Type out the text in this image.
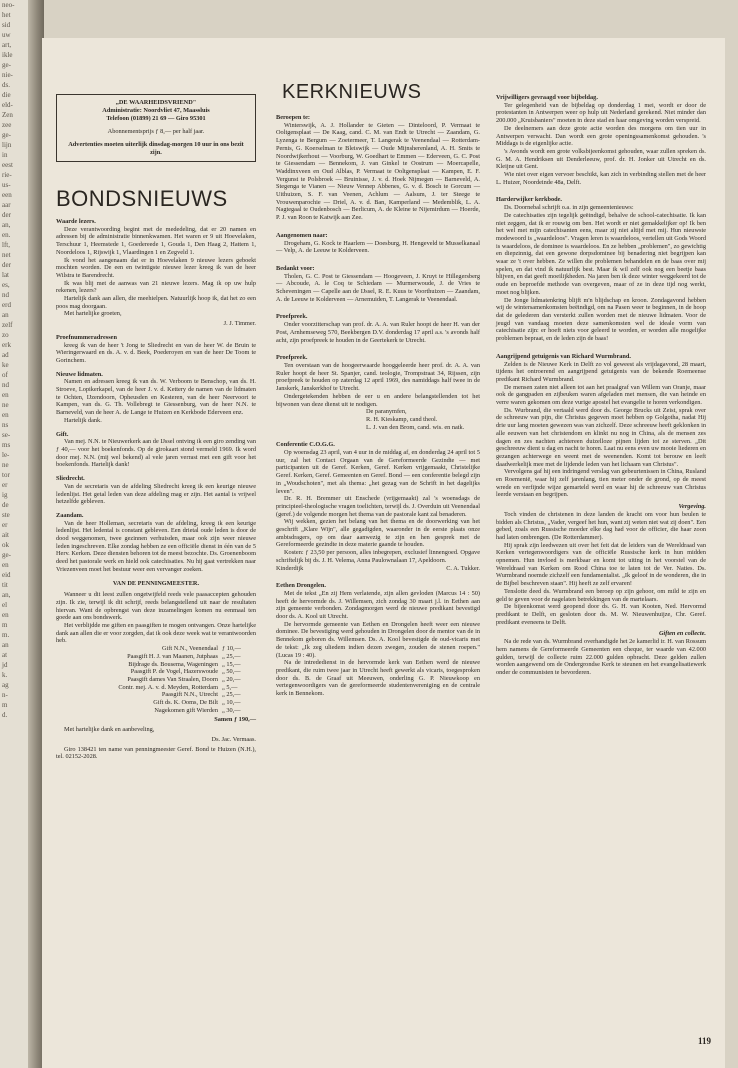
neo-
het
sid
uw
art,
ikle
ge-
nie-
ds.
die
eld-
Zen
zee
ge-
lijn
in
eest
rie-
us-
een
aar
der
an,
en.
lft,
net
der
lat
es,
nd
erd
an
zelf
zo
erk
ad
ke
of
nd
en
ne
en
ns
se-
ms
le-
ne
tor
er
ig
de
ste
er
ait
ok
ge-
en
eid
tit
an,
el
en
m
m.
an
at
jd
k.
ag
n-
m
d.
„DE WAARHEIDSVRIEND"
Administratie: Noordvliet 47, Maassluis
Telefoon (01899) 21 69 — Giro 95301
Abonnementsprijs ƒ 8,— per half jaar.
Advertenties moeten uiterlijk dinsdag-morgen 10 uur in ons bezit zijn.
BONDSNIEUWS

Waarde lezers.

Deze verantwoording begint met de mededeling, dat er 20 namen en adressen bij de administratie binnenkwamen. Het waren er 9 uit Hoevelaken, Terschuur 1, Heemstede 1, Goedereede 1, Gouda 1, Den Haag 2, Hattem 1, Noordeloos 1, Rijswijk 1, Vlaardingen 1 en Zegveld 1.

Ik vond het aangenaam dat er in Hoevelaken 9 nieuwe lezers geboekt mochten worden. De een en twintigste nieuwe lezer kreeg ik van de heer Wilstra te Barendrecht.

Ik was blij met de aanwas van 21 nieuwe lezers. Mag ik op uw hulp rekenen, lezers?

Hartelijk dank aan allen, die meehielpen. Natuurlijk hoop ik, dat het zo een poos mag doorgaan.

Met hartelijke groeten,

J. J. Timmer.

Proefnummeradressen

kreeg ik van de heer 't Jong te Sliedrecht en van de heer W. de Bruin te Wieringerwaard en ds. A. v. d. Beek, Poederoyen en van de heer De Toom te Gorinchem.

Nieuwe lidmaten.

Namen en adressen kreeg ik van ds. W. Verboom te Benschop, van ds. H. Stroeve, Lopikerkapel, van de heer J. v. d. Kettery de namen van de lidmaten te Ochten, IJzendoorn, Opheusden en Kesteren, van de heer Neervoort te Kampen, van ds. G. Th. Vollebregt te Giessenburg, van de heer N.N. te Barneveld, van de heer A. de Lange te Huizen en Kerkbode Ederveen enz.

Hartelijk dank.

Gift.

Van mej. N.N. te Nieuwerkerk aan de IJssel ontving ik een giro zending van ƒ 40,— voor het boekenfonds. Op de girokaart stond vermeld 1969. Ik word door mej. N.N. (mij wel bekend) al vele jaren verrast met een gift voor het boekenfonds. Hartelijk dank!

Sliedrecht.

Van de secretaris van de afdeling Sliedrecht kreeg ik een keurige nieuwe ledenlijst. Het getal leden van deze afdeling mag er zijn. Het aantal is vrijwel hetzelfde gebleven.

Zaandam.

Van de heer Holleman, secretaris van de afdeling, kreeg ik een keurige ledenlijst. Het ledental is constant gebleven. Een drietal oude leden is door de dood weggenomen, twee gezinnen verhuisden, maar ook zijn weer nieuwe leden ingeschreven. Elke zondag hebben ze een officiële dienst in één van de 5 Herv. Kerken. Deze diensten behoren tot de meest bezochte. Ds. Groenenboom deed het pastorale werk en hield ook catechisaties. Nu hij gaat vertrekken naar Vriezenveen moet het bestuur weer een vervanger zoeken.

VAN DE PENNINGMEESTER.

Wanneer u dit leest zullen ongetwijfeld reeds vele paasaccepten gehouden zijn. Ik zie, terwijl ik dit schrijf, reeds belangstellend uit naar de resultaten hiervan. Want de opbrengst van deze inzamelingen komen nu eenmaal ten goede aan ons bondswerk.

Het verblijdde me giften en paasgiften te mogen ontvangen. Onze hartelijke dank aan allen die er voor zorgden, dat ik ook deze week wat te verantwoorden heb.

Gift N.N., Veenendaal ƒ 10,—
Paasgift H. J. van Maanen, Jutphaas „ 25,—
Bijdrage ds. Bousema, Wageningen „ 15,—
Paasgift P. de Vogel, Hazerswoude „ 50,—
Paasgift dames Van Straalen, Doorn „ 20,—
Contr. mej. A. v. d. Meyden, Rotterdam „ 5,—
Paasgift N.N., Utrecht „ 25,—
Gift ds. K. Ooms, De Bilt „ 10,—
Nagekomen gift Wierden „ 30,—
Samen ƒ 190,—

Met hartelijke dank en aanbeveling,

Ds. Jac. Vermaas.

Giro 138421 ten name van penningmeester Geref. Bond te Huizen (N.H.), tel. 02152-2028.

KERKNIEUWS

Beroepen te:

Winterswijk, A. J. Hollander te Gieten — Dinteloord, P. Vermaat te Ooltgensplaat — De Kaag, cand. C. M. van Endt te Utrecht — Zaandam, G. Lyzenga te Bergum — Zoetermeer, T. Langerak te Veenendaal — Rotterdam-Pernis, G. Koerselman te Bleiswijk — Oude Mijnsherenland, A. H. Smits te Noordwijkerhout — Voorburg, W. Goedhart te Emmen — Ederveen, G. C. Post te Giessendam — Bennekom, J. van Ginkel te Oostrum — Moercapelle, Waddinxveen en Oud Alblas, P. Vermaat te Ooltgensplaat — Kampen, E. F. Vergunst te Polsbroek — Bruinisse, J. v. d. Hoek Nijmegen — Barneveld, A. Stegenga te Vianen — Nieuw Vennep Abbenes, G. v. d. Bosch te Gorcum — Uithuizen, S. F. van Veenen, Achlum — Aalsum, J. ter Steege te Vrouwenparochie — Driel, A. v. d. Ban, Kamperland — Medemblik, L. A. Nagtegaal te Oudenbosch — Berlicum, A. de Kleine te Nijemirdum — Hoerde, P. J. van Roon te Katwijk aan Zee.

Aangenomen naar:

Drogeham, G. Kock te Haarlem — Doesburg, H. Hengeveld te Musselkanaal — Velp, A. de Leeuw te Kolderveen.

Bedankt voor:

Tholen, G. C. Post te Giessendam — Hoogeveen, J. Kruyt te Hillegersberg — Abcoude, A. le Coq te Schiedam — Murmerwoude, J. de Vries te Scheveningen — Capelle aan de IJssel, R. E. Kuus te Voorthuizen — Zaandam, A. de Leeuw te Kolderveen — Arnemuiden, T. Langerak te Veenendaal.

Proefpreek.

Onder voorzitterschap van prof. dr. A. A. van Ruler hoopt de heer H. van der Post, Arnhemseweg 570, Beekbergen D.V. donderdag 17 april a.s. 's avonds half acht, zijn proefpreek te houden in de Geertekerk te Utrecht.

Proefpreek.

Ten overstaan van de hoogeerwaarde hooggeleerde heer prof. dr. A. A. van Ruler hoopt de heer St. Spanjer, cand. teologie, Trompstraat 34, Rijssen, zijn proefpreek te houden op zaterdag 12 april 1969, des namiddags half twee in de Janskerk, Janskerkhof te Utrecht.

Ondergetekenden hebben de eer u en andere belangstellenden tot het bijwonen van deze dienst uit te nodigen.

De paranymfen,
R. H. Kieskamp, cand theol.
L. J. van den Brom, cand. wis. en natk.

Conferentie C.O.G.G.

Op woensdag 23 april, van 4 uur in de middag af, en donderdag 24 april tot 5 uur, zal het Contact Orgaan van de Gereformeerde Gezindte — met participanten uit de Geref. Kerken, Geref. Kerken vrijgemaakt, Christelijke Geref. Kerken, Geref. Gemeenten en Geref. Bond — een conferentie belegd zijn in „Woudschoten", met als thema: „het gezag van de Schrift in het dagelijks leven".

Dr. R. H. Bremmer uit Enschede (vrijgemaakt) zal 's woensdags de principieel-theologische vragen toelichten, terwijl ds. J. Overduin uit Veenendaal (geref.) de volgende morgen het thema van de pastorale kant zal benaderen.

Wij wekken, gezien het belang van het thema en de doorwerking van het geschrift „Klare Wijn", alle gegadigden, waaronder in de eerste plaats onze ambtsdragers, op om daar aanwezig te zijn en hen gesprek met de Gereformeerde gezindte in deze materie gaande te houden.

Kosten: ƒ 23,50 per persoon, alles inbegrepen, exclusief linnengoed. Opgave schriftelijk bij ds. J. H. Velema, Anna Paulownalaan 17, Apeldoorn.

Kinderdijk	C. A. Tukker.

Eethen Drongelen.

Met de tekst „En zij Hem verlatende, zijn allen gevloden (Marcus 14 : 50) heeft de hervormde ds. J. Willemsen, zich zondag 30 maart j.l. in Eethen aan zijn gemeente verbonden. Zondagmorgen werd de nieuwe predikant bevestigd door ds. A. Kool uit Utrecht.

De hervormde gemeente van Eethen en Drongelen heeft weer een nieuwe dominee. De bevestiging werd gehouden in Drongelen door de mentor van de in Bennekom geboren ds. Willemsen. Ds. A. Kool bevestigde de oud-vicaris met de tekst: „Ik zeg uliedem indien dezen zwegen, zouden de stenen roepen." (Lucas 19 : 40).

Na de intrededienst in de hervormde kerk van Eethen werd de nieuwe predikant, die ruim twee jaar in Utrecht heeft gewerkt als vicaris, toegesproken door ds. B. de Graaf uit Meeuwen, onderling G. P. Nieuwkoop en vertegenwoordigers van de gereformeerde studentenvereniging en de centrale kerk in Bennekom.

Vrijwilligers gevraagd voor bijbeldag.

Ter gelegenheid van de bijbeldag op donderdag 1 mei, wordt er door de protestanten in Antwerpen weer op hulp uit Nederland gerekend. Niet minder dan 200.000 „Kruisbaniers" moeten in deze stad en haar omgeving worden verspreid.

De deelnemers aan deze grote actie worden des morgens om tien uur in Antwerpen verwacht. Dan wordt een grote openingssamenkomst gehouden. 's Middags is de eigenlijke actie.

's Avonds wordt een grote volksbijeenkomst gehouden, waar zullen spreken ds. G. M. A. Hendriksen uit Denderleeuw, prof. dr. H. Jonker uit Utrecht en ds. Kleijne uit Gent.

Wie niet over eigen vervoer beschikt, kan zich in verbinding stellen met de heer L. Huizer, Noordeinde 48a, Delft.

Harderwijker kerkbode.

Ds. Doornebal schrijft o.a. in zijn gemeentenieuws:

De catechisaties zijn tegelijk geëindigd, behalve de school-catechisatie. Ik kan niet zeggen, dat ik er rouwig om ben. Het wordt er niet gemakkelijker op! Ik ben het wel met mijn catechisanten eens, maar zij niet altijd met mij. Hun nieuwste modewoord is „waardeloos". Vragen leren is waardeloos, vertellen uit Gods Woord is waardeloos, de dominee is waardeloos. En ze hebben „problemen", zo gewichtig en diepzinnig, dat een gewone dorpsdominee bij benadering niet begrijpen kan waar ze 't over hebben. Ze willen die problemen behandelen en de baas over mij spelen, en dat vind ik natuurlijk best. Maar ik wil zelf ook nog een beetje baas blijven, en dat geeft moeilijkheden. Na jaren ben ik deze winter weggekeerd tot de oude en beproefde methode van overgeven, maar of ze in deze tijd nog werkt, moet nog blijken.

De Jonge lidmatenkring blijft m'n blijdschap en kroon. Zondagavond hebben wij de wintersamenkomsten beëindigd, om na Pasen weer te beginnen, in de hoop dat de gelederen dan versterkt zullen worden met de nieuwe lidmaten. Voor de jeugd van vandaag moeten deze samenkomsten wel de ideale vorm van catechisatie zijn: er hoeft niets voor geleerd te worden, er worden alle mogelijke problemen bepraat, en de leden zijn de baas!

Aangrijpend getuigenis van Richard Wurmbrand.

Zelden is de Nieuwe Kerk in Delft zo vol geweest als vrijdagavond, 28 maart, tijdens het ontroerend en aangrijpend getuigenis van de bekende Roemeense predikant Richard Wurmbrand.

De mensen zaten niet alleen tot aan het praalgraf van Willem van Oranje, maar ook de gangpaden en zijbeuken waren afgeladen met mensen, die van heinde en verre waren gekomen om deze vurige apostel het evangelie te horen verkondigen.

Ds. Wurbrand, die vertaald werd door ds. George Brucks uit Zeist, sprak over de schreeuw van pijn, die Christus gegeven moet hebben op Golgotha, nadat Hij drie uur lang moeten gewezen was van zichzelf. Deze schreeuw heeft geklonken in alle eeuwen van het christendom en klinkt nu nog in China, als de mensen zes dagen en zes nachten achtereen duizelloze pijnen lijden tot ze sterven. „Dit geschreeuw dient u dag en nacht te horen. Laat nu eens even uw mooie liederen en gezangen achterwege en weent met de weenenden. Komt tot berouw en leeft daadwerkelijk mee met de lijdende leden van het lichaam van Christus".

Vervolgens gaf hij een indringend verslag van gebeurtenissen in China, Rusland en Roemenië, waar hij zelf jarenlang, tien meter onder de grond, op de meest wrede en verfijnde wijze gemarteld werd en waar hij de schreeuw van Christus leerde verstaan en begrijpen.

Vergeving.

Toch vinden de christenen in deze landen de kracht om voor hun beulen te bidden als Christus, „Vader, vergeef het hun, want zij weten niet wat zij doen". Een gebed, zoals een Russische moeder elke dag had voor de officier, die haar zoon had laten ombrengen. (De Rotterdammer).

Hij sprak zijn leedwezen uit over het feit dat de leiders van de Wereldraad van Kerken vertegenwoordigers van de officiële Russische kerk in hun midden opnemen. Hun invloed is merkbaar en komt tot uiting in het voorstel van de Wereldraad van Kerken om Rood China toe te laten tot de Ver. Naties. Ds. Wurmbrand noemde zichzelf een fundamentalist. „Ik geloof in de wonderen, die in de Bijbel beschreven staan". Hij heeft ze zelf ervaren!

Tenslotte deed ds. Wurmbrand een beroep op zijn gehoor, om mild te zijn en geld te geven voor de nagelaten betrekkingen van de martelaars.

De bijeenkomst werd geopend door ds. G. H. van Kooten, Ned. Hervormd predikant te Delft, en gesloten door ds. M. W. Nieuwenhuijze, Chr. Geref. predikant eveneens te Delft.

Giften en collecte.

Na de rede van ds. Wurmbrand overhandigde het 2e kamerlid ir. H. van Rossum hem namens de Gereformeerde Gemeenten een cheque, ter waarde van 42.000 gulden, terwijl de collecte ruim 22.000 gulden opbracht. Deze gelden zullen worden aangewend om de Ondergrondse Kerk te steunen en het evangelisatiewerk onder de communisten te bevorderen.

119
